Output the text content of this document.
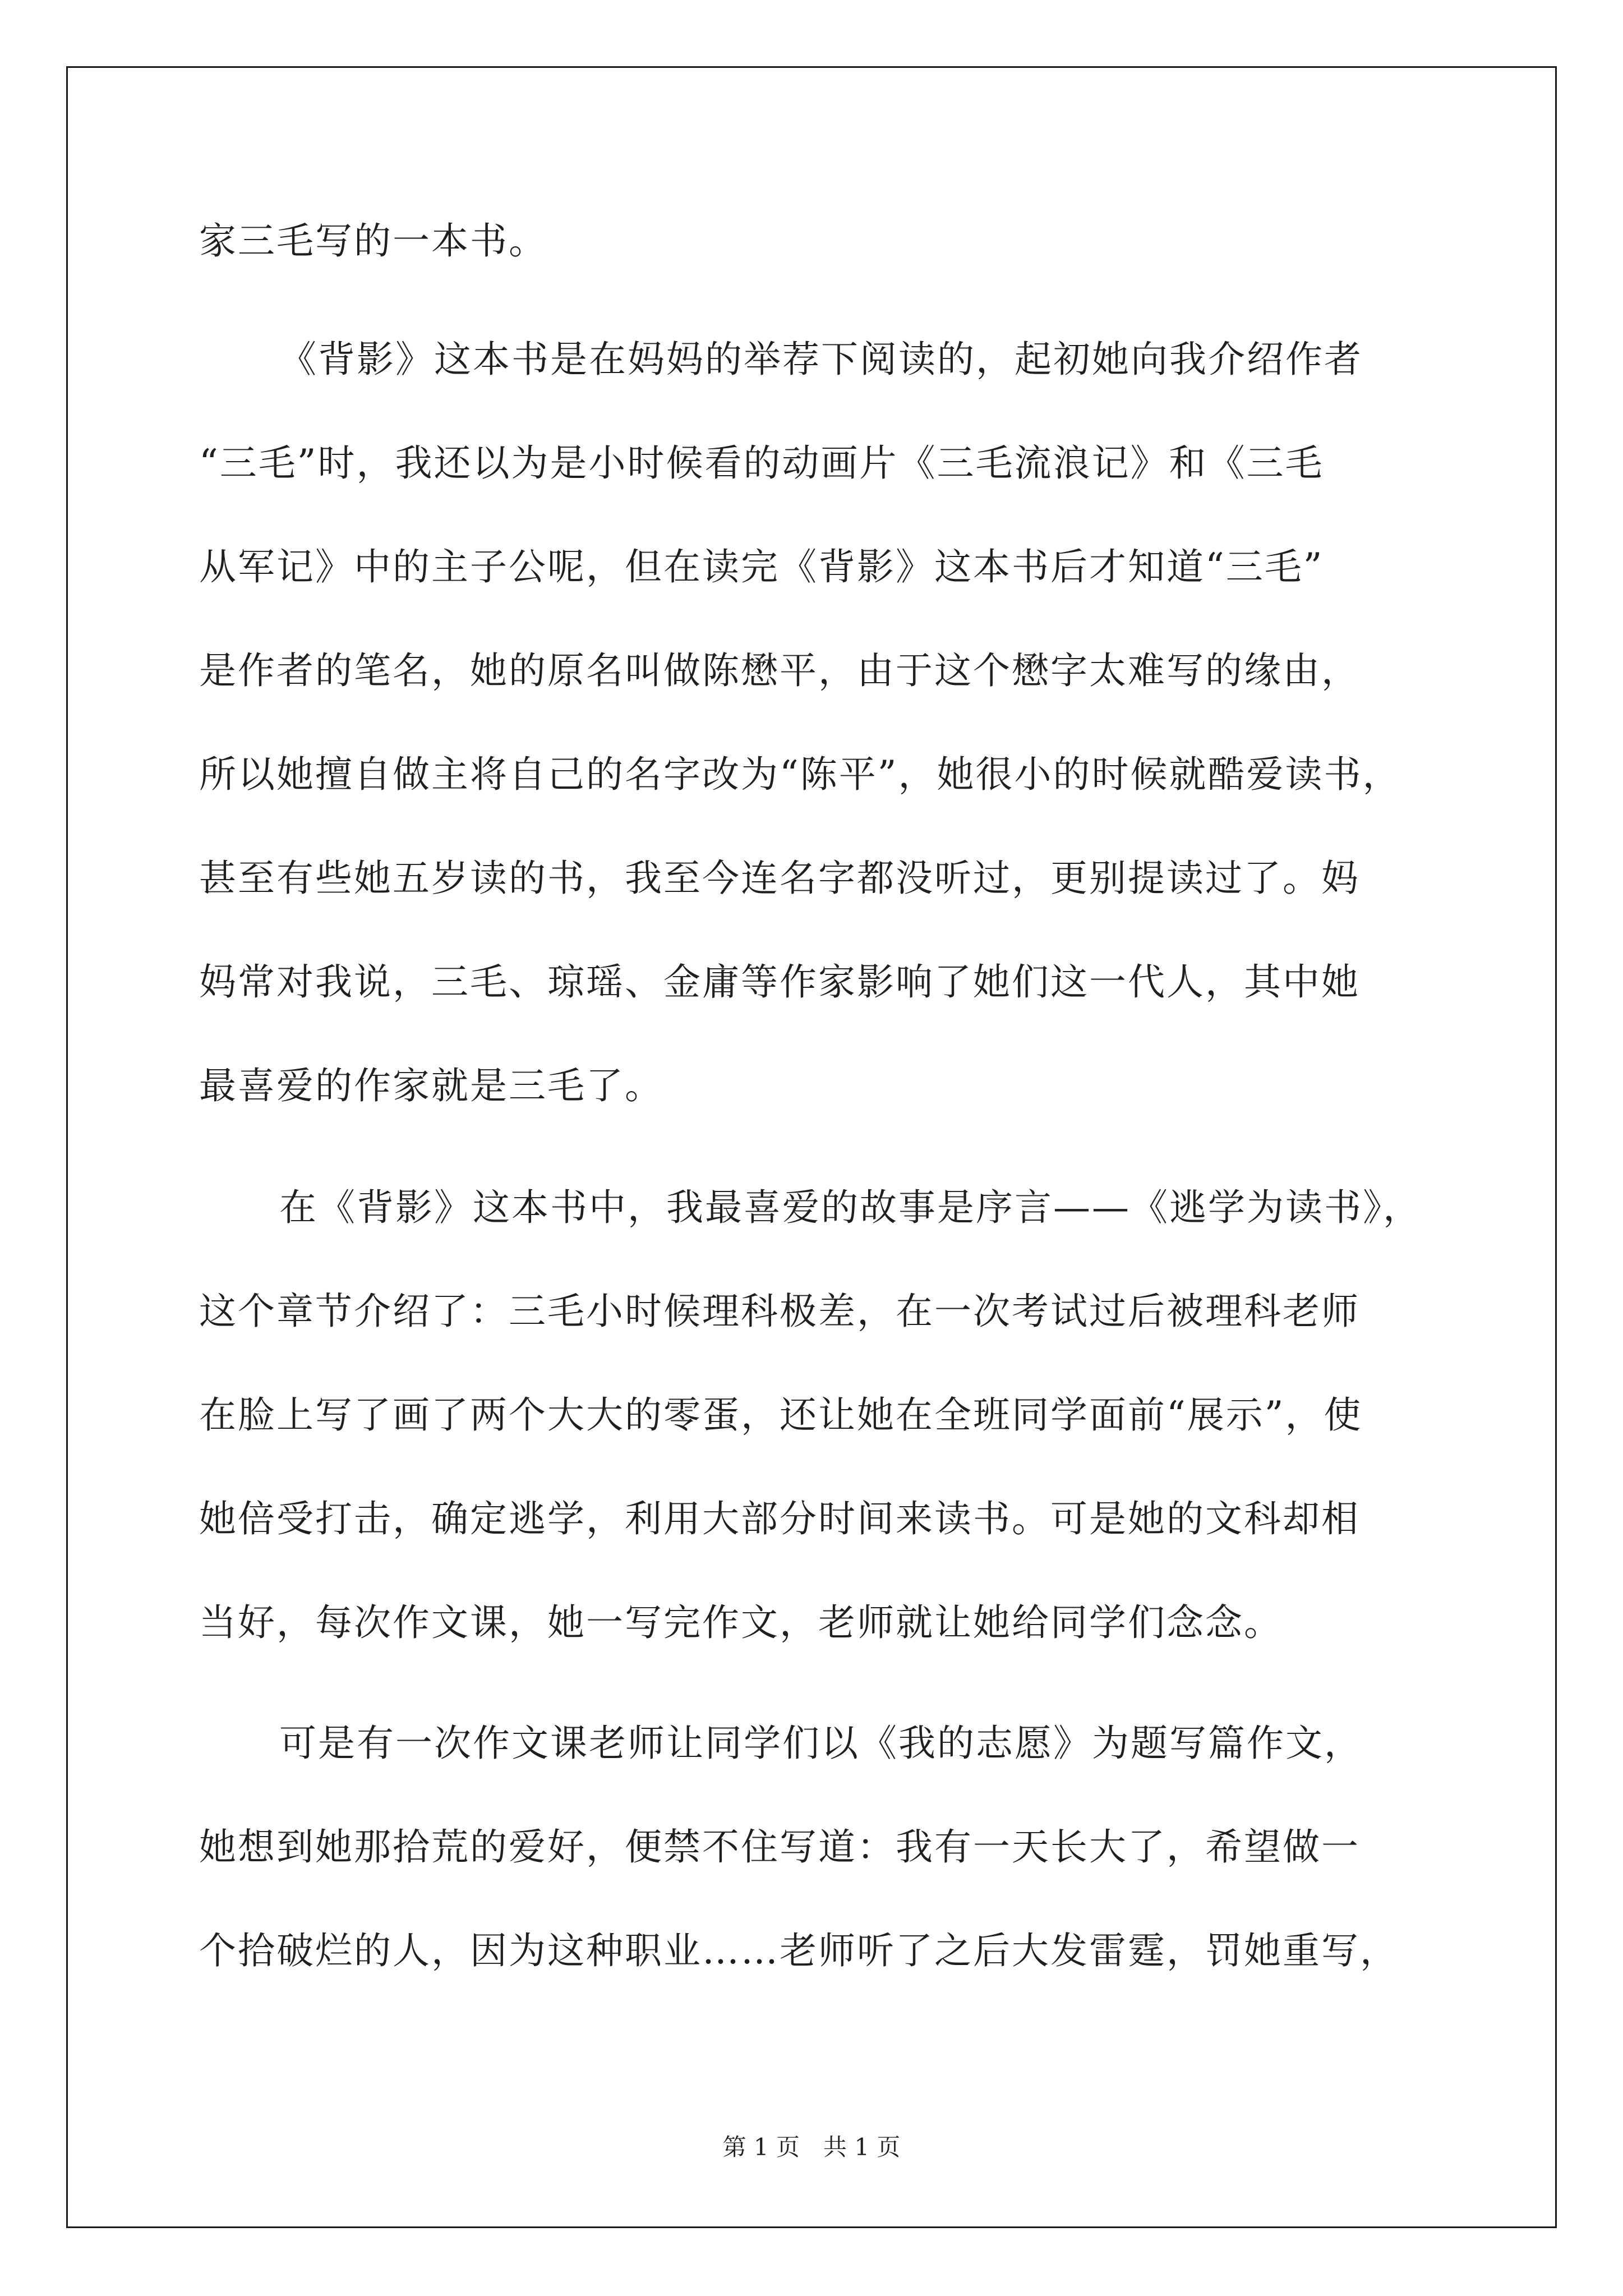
家三毛写的一本书。
《背影》这本书是在妈妈的举荐下阅读的，起初她向我介绍作者
“三毛”时，我还以为是小时候看的动画片《三毛流浪记》和《三毛
从军记》中的主子公呢，但在读完《背影》这本书后才知道“三毛”
是作者的笔名，她的原名叫做陈懋平，由于这个懋字太难写的缘由，
所以她擅自做主将自己的名字改为“陈平”，她很小的时候就酷爱读书，
甚至有些她五岁读的书，我至今连名字都没听过，更别提读过了。妈
妈常对我说，三毛、琼瑶、金庸等作家影响了她们这一代人，其中她
最喜爱的作家就是三毛了。
在《背影》这本书中，我最喜爱的故事是序言——《逃学为读书》，
这个章节介绍了：三毛小时候理科极差，在一次考试过后被理科老师
在脸上写了画了两个大大的零蛋，还让她在全班同学面前“展示”，使
她倍受打击，确定逃学，利用大部分时间来读书。可是她的文科却相
当好，每次作文课，她一写完作文，老师就让她给同学们念念。
可是有一次作文课老师让同学们以《我的志愿》为题写篇作文，
她想到她那拾荒的爱好，便禁不住写道：我有一天长大了，希望做一
个拾破烂的人，因为这种职业……老师听了之后大发雷霆，罚她重写，
第 1 页　共 1 页
